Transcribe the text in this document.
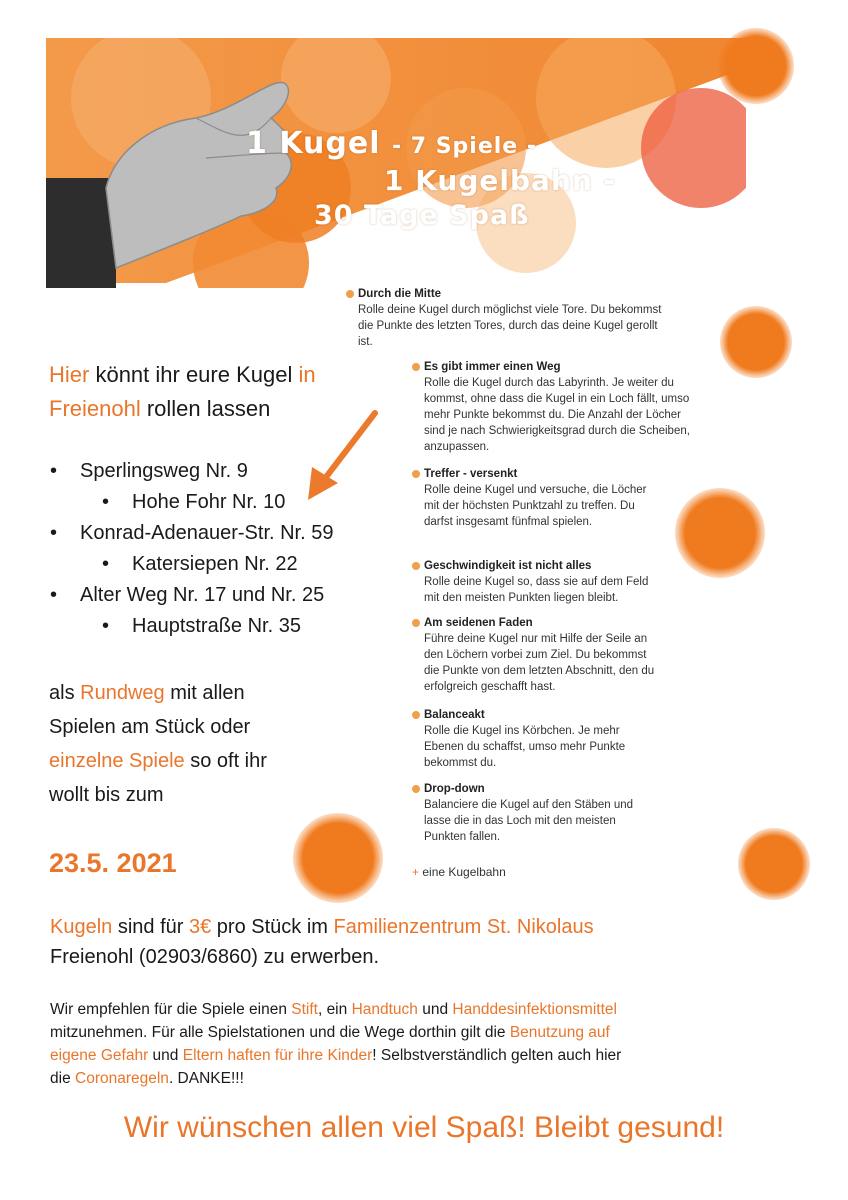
1 Kugel - 7 Spiele -
1 Kugelbahn -
30 Tage Spaß
Hier könnt ihr eure Kugel in
Freienohl rollen lassen
• Sperlingsweg Nr. 9
• Hohe Fohr Nr. 10
• Konrad-Adenauer-Str. Nr. 59
• Katersiepen Nr. 22
• Alter Weg Nr. 17 und Nr. 25
• Hauptstraße Nr. 35
als Rundweg mit allen
Spielen am Stück oder
einzelne Spiele so oft ihr
wollt bis zum
23.5. 2021
Durch die Mitte
Rolle deine Kugel durch möglichst viele Tore. Du bekommst die Punkte des letzten Tores, durch das deine Kugel gerollt ist.
Es gibt immer einen Weg
Rolle die Kugel durch das Labyrinth. Je weiter du kommst, ohne dass die Kugel in ein Loch fällt, umso mehr Punkte bekommst du. Die Anzahl der Löcher sind je nach Schwierigkeitsgrad durch die Scheiben, anzupassen.
Treffer - versenkt
Rolle deine Kugel und versuche, die Löcher mit der höchsten Punktzahl zu treffen. Du darfst insgesamt fünfmal spielen.
Geschwindigkeit ist nicht alles
Rolle deine Kugel so, dass sie auf dem Feld mit den meisten Punkten liegen bleibt.
Am seidenen Faden
Führe deine Kugel nur mit Hilfe der Seile an den Löchern vorbei zum Ziel. Du bekommst die Punkte von dem letzten Abschnitt, den du erfolgreich geschafft hast.
Balanceakt
Rolle die Kugel ins Körbchen. Je mehr Ebenen du schaffst, umso mehr Punkte bekommst du.
Drop-down
Balanciere die Kugel auf den Stäben und lasse die in das Loch mit den meisten Punkten fallen.
+ eine Kugelbahn
Kugeln sind für 3€ pro Stück im Familienzentrum St. Nikolaus
Freienohl (02903/6860) zu erwerben.
Wir empfehlen für die Spiele einen Stift, ein Handtuch und Handdesinfektionsmittel
mitzunehmen. Für alle Spielstationen und die Wege dorthin gilt die Benutzung auf
eigene Gefahr und Eltern haften für ihre Kinder! Selbstverständlich gelten auch hier
die Coronaregeln. DANKE!!!
Wir wünschen allen viel Spaß! Bleibt gesund!
